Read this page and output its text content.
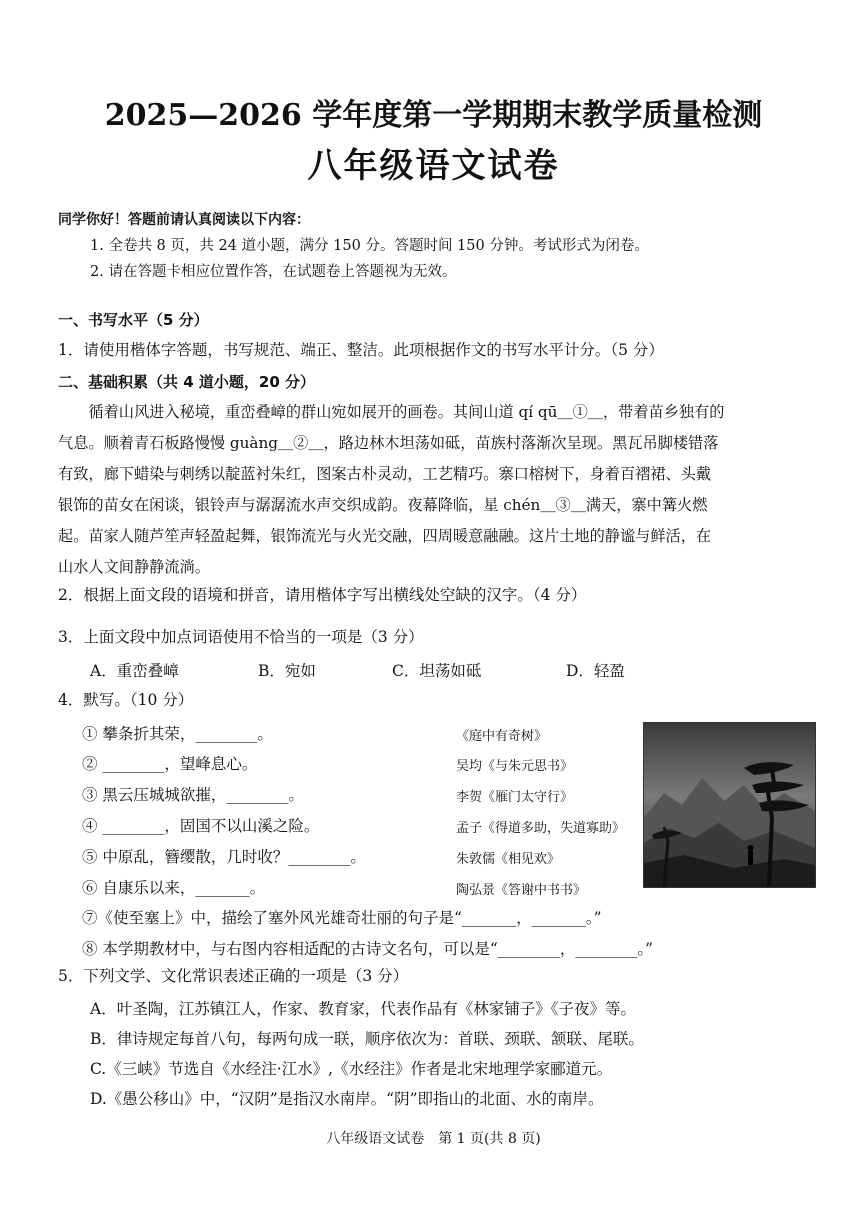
2025—2026 学年度第一学期期末教学质量检测
八年级语文试卷
同学你好！答题前请认真阅读以下内容：
1. 全卷共 8 页，共 24 道小题，满分 150 分。答题时间 150 分钟。考试形式为闭卷。
2. 请在答题卡相应位置作答，在试题卷上答题视为无效。
一、书写水平（5 分）
1．请使用楷体字答题，书写规范、端正、整洁。此项根据作文的书写水平计分。（5 分）
二、基础积累（共 4 道小题，20 分）
循着山风进入秘境，重峦叠嶂的群山宛如展开的画卷。其间山道 qí qū＿①＿，带着苗乡独有的
气息。顺着青石板路慢慢 guàng＿②＿，路边林木坦荡如砥，苗族村落渐次呈现。黑瓦吊脚楼错落
有致，廊下蜡染与刺绣以靛蓝衬朱红，图案古朴灵动，工艺精巧。寨口榕树下，身着百褶裙、头戴
银饰的苗女在闲谈，银铃声与潺潺流水声交织成韵。夜幕降临，星 chén＿③＿满天，寨中篝火燃
起。苗家人随芦笙声轻盈起舞，银饰流光与火光交融，四周暖意融融。这片土地的静谧与鲜活，在
山水人文间静静流淌。
2．根据上面文段的语境和拼音，请用楷体字写出横线处空缺的汉字。（4 分）
3．上面文段中加点词语使用不恰当的一项是（3 分）
A．重峦叠嶂	B．宛如	C．坦荡如砥	D．轻盈
4．默写。（10 分）
① 攀条折其荣，________。	《庭中有奇树》
② ________，望峰息心。	吴均《与朱元思书》
③ 黑云压城城欲摧，________。	李贺《雁门太守行》
④ ________，固国不以山溪之险。	孟子《得道多助，失道寡助》
⑤ 中原乱，簪缨散，几时收？________。	朱敦儒《相见欢》
⑥ 自康乐以来，_______。	陶弘景《答谢中书书》
⑦《使至塞上》中，描绘了塞外风光雄奇壮丽的句子是“_______，_______。”
⑧ 本学期教材中，与右图内容相适配的古诗文名句，可以是“________，________。”
5．下列文学、文化常识表述正确的一项是（3 分）
A．叶圣陶，江苏镇江人，作家、教育家，代表作品有《林家铺子》《子夜》等。
B．律诗规定每首八句，每两句成一联，顺序依次为：首联、颈联、颔联、尾联。
C.《三峡》节选自《水经注·江水》,《水经注》作者是北宋地理学家郦道元。
D.《愚公移山》中，“汉阴”是指汉水南岸。“阴”即指山的北面、水的南岸。
八年级语文试卷　第 1 页(共 8 页)
